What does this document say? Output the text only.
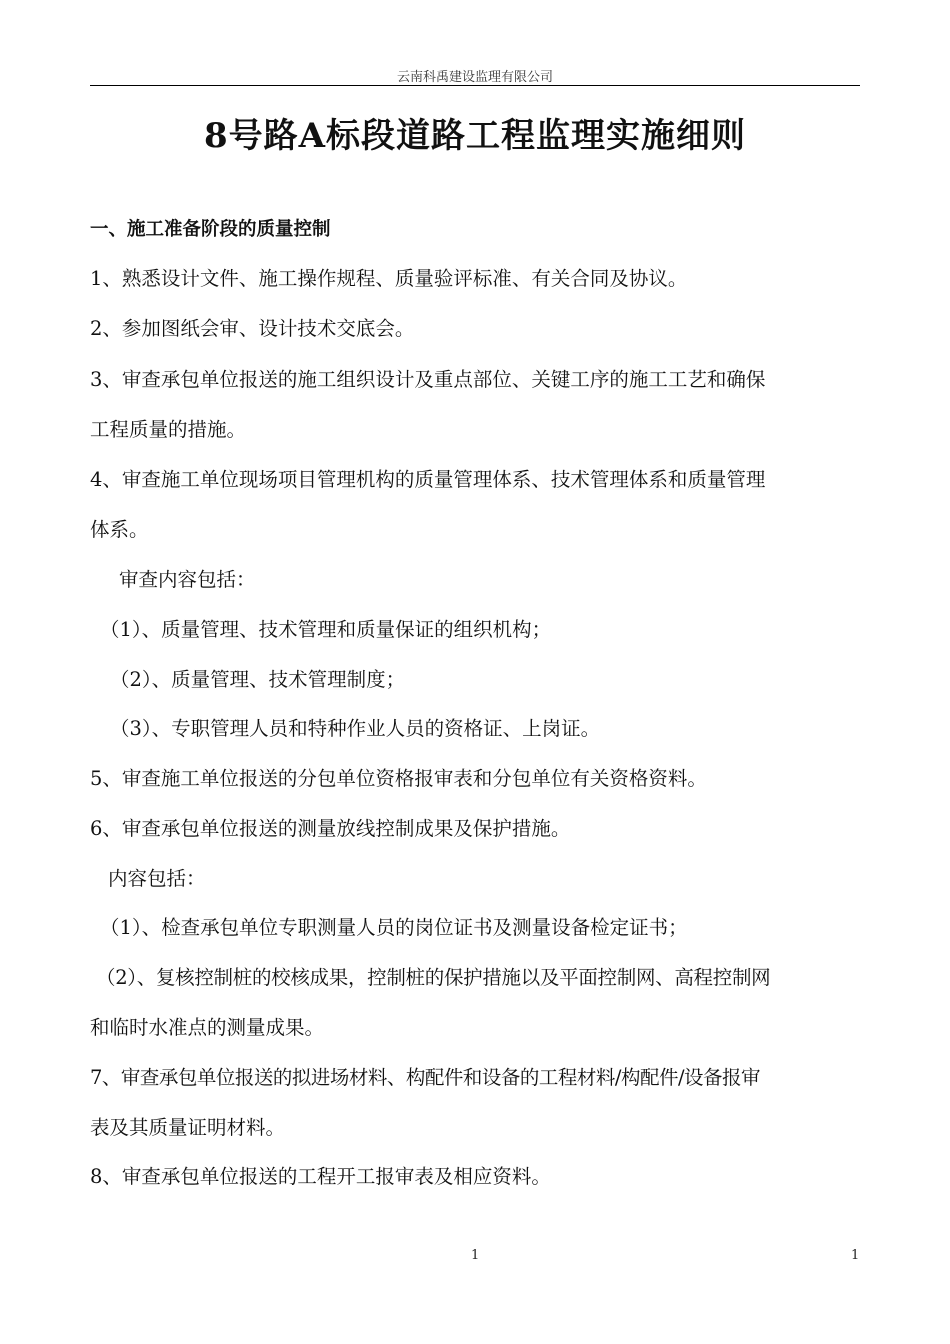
云南科禹建设监理有限公司
8号路A标段道路工程监理实施细则
一、施工准备阶段的质量控制
1、熟悉设计文件、施工操作规程、质量验评标准、有关合同及协议。
2、参加图纸会审、设计技术交底会。
3、审查承包单位报送的施工组织设计及重点部位、关键工序的施工工艺和确保
工程质量的措施。
4、审查施工单位现场项目管理机构的质量管理体系、技术管理体系和质量管理
体系。
审查内容包括：
（1）、质量管理、技术管理和质量保证的组织机构；
（2）、质量管理、技术管理制度；
（3）、专职管理人员和特种作业人员的资格证、上岗证。
5、审查施工单位报送的分包单位资格报审表和分包单位有关资格资料。
6、审查承包单位报送的测量放线控制成果及保护措施。
内容包括：
（1）、检查承包单位专职测量人员的岗位证书及测量设备检定证书；
（2）、复核控制桩的校核成果，控制桩的保护措施以及平面控制网、高程控制网
和临时水准点的测量成果。
7、审查承包单位报送的拟进场材料、构配件和设备的工程材料/构配件/设备报审
表及其质量证明材料。
8、审查承包单位报送的工程开工报审表及相应资料。
1	1
